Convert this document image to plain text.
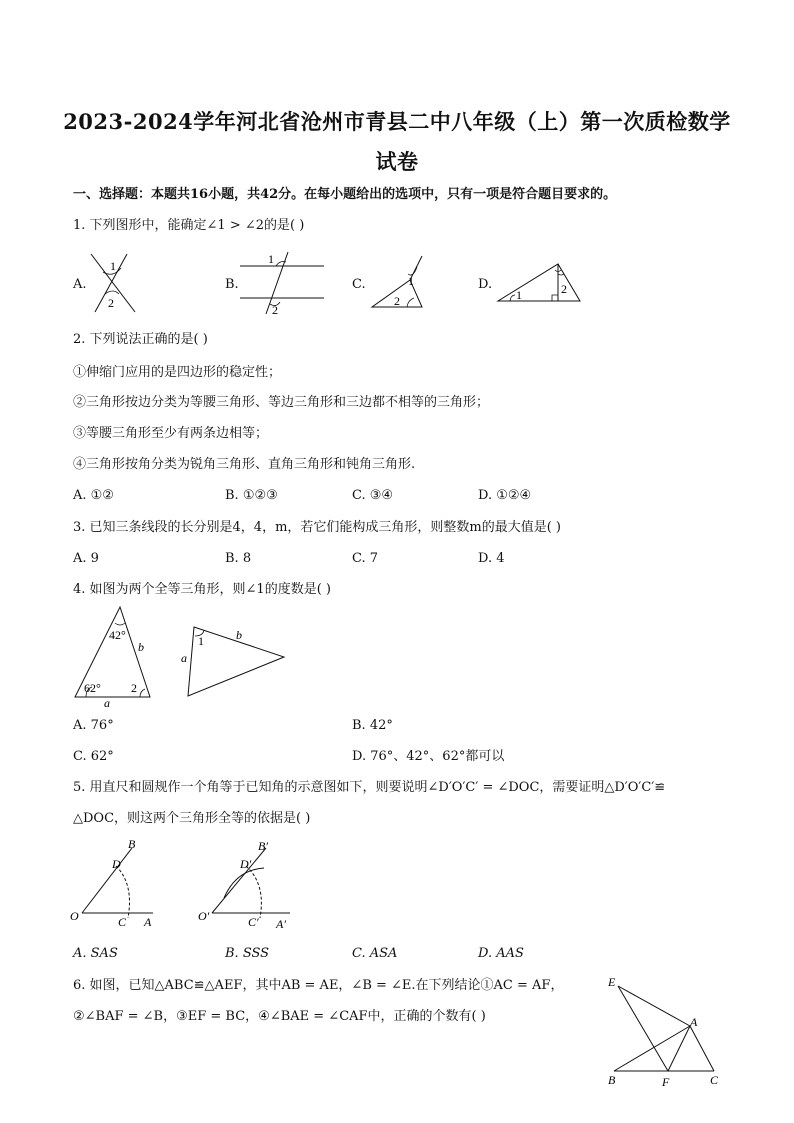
2023-2024学年河北省沧州市青县二中八年级（上）第一次质检数学
试卷
一、选择题：本题共16小题，共42分。在每小题给出的选项中，只有一项是符合题目要求的。
1. 下列图形中，能确定∠1 > ∠2的是( )
A.	B.	C.	D.
1
2
1
2
1
2	1	2
2. 下列说法正确的是( )
①伸缩门应用的是四边形的稳定性；
②三角形按边分类为等腰三角形、等边三角形和三边都不相等的三角形；
③等腰三角形至少有两条边相等；
④三角形按角分类为锐角三角形、直角三角形和钝角三角形.
A. ①②	B. ①②③	C. ③④	D. ①②④
3. 已知三条线段的长分别是4，4，m，若它们能构成三角形，则整数m的最大值是( )
A. 9	B. 8	C. 7	D. 4
4. 如图为两个全等三角形，则∠1的度数是( )
42°
62°	2
b
a
1	b
a
A. 76°	B. 42°
C. 62°	D. 76°、42°、62°都可以
5. 用直尺和圆规作一个角等于已知角的示意图如下，则要说明∠D′O′C′ = ∠DOC，需要证明△D′O′C′≌
△DOC，则这两个三角形全等的依据是( )
B
D
O	C A
B′
D′
O′	C′ A′
A. SAS	B. SSS	C. ASA	D. AAS
6. 如图，已知△ABC≌△AEF，其中AB = AE，∠B = ∠E.在下列结论①AC = AF，
②∠BAF = ∠B，③EF = BC，④∠BAE = ∠CAF中，正确的个数有( )
E
A
B	F	C
